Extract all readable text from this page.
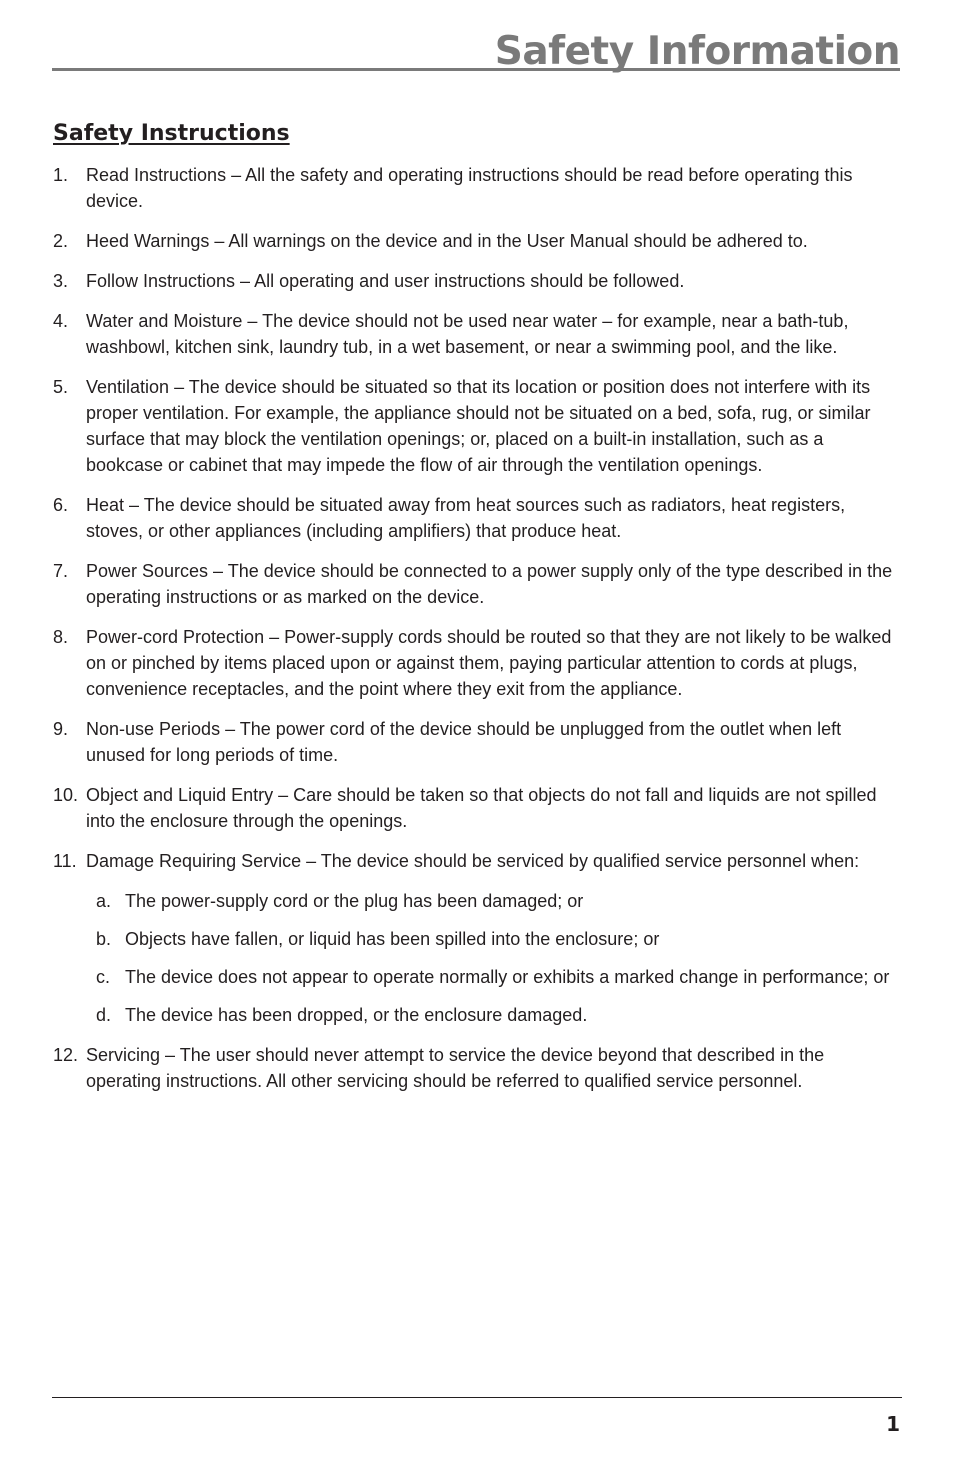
Safety Information
Safety Instructions
1. Read Instructions – All the safety and operating instructions should be read before operating this device.
2. Heed Warnings – All warnings on the device and in the User Manual should be adhered to.
3. Follow Instructions – All operating and user instructions should be followed.
4. Water and Moisture – The device should not be used near water – for example, near a bath-tub, washbowl, kitchen sink, laundry tub, in a wet basement, or near a swimming pool, and the like.
5. Ventilation – The device should be situated so that its location or position does not interfere with its proper ventilation. For example, the appliance should not be situated on a bed, sofa, rug, or similar surface that may block the ventilation openings; or, placed on a built-in installation, such as a bookcase or cabinet that may impede the flow of air through the ventilation openings.
6. Heat – The device should be situated away from heat sources such as radiators, heat registers, stoves, or other appliances (including amplifiers) that produce heat.
7. Power Sources – The device should be connected to a power supply only of the type described in the operating instructions or as marked on the device.
8. Power-cord Protection – Power-supply cords should be routed so that they are not likely to be walked on or pinched by items placed upon or against them, paying particular attention to cords at plugs, convenience receptacles, and the point where they exit from the appliance.
9. Non-use Periods – The power cord of the device should be unplugged from the outlet when left unused for long periods of time.
10. Object and Liquid Entry – Care should be taken so that objects do not fall and liquids are not spilled into the enclosure through the openings.
11. Damage Requiring Service – The device should be serviced by qualified service personnel when:
a. The power-supply cord or the plug has been damaged; or
b. Objects have fallen, or liquid has been spilled into the enclosure; or
c. The device does not appear to operate normally or exhibits a marked change in performance; or
d. The device has been dropped, or the enclosure damaged.
12. Servicing – The user should never attempt to service the device beyond that described in the operating instructions. All other servicing should be referred to qualified service personnel.
1
